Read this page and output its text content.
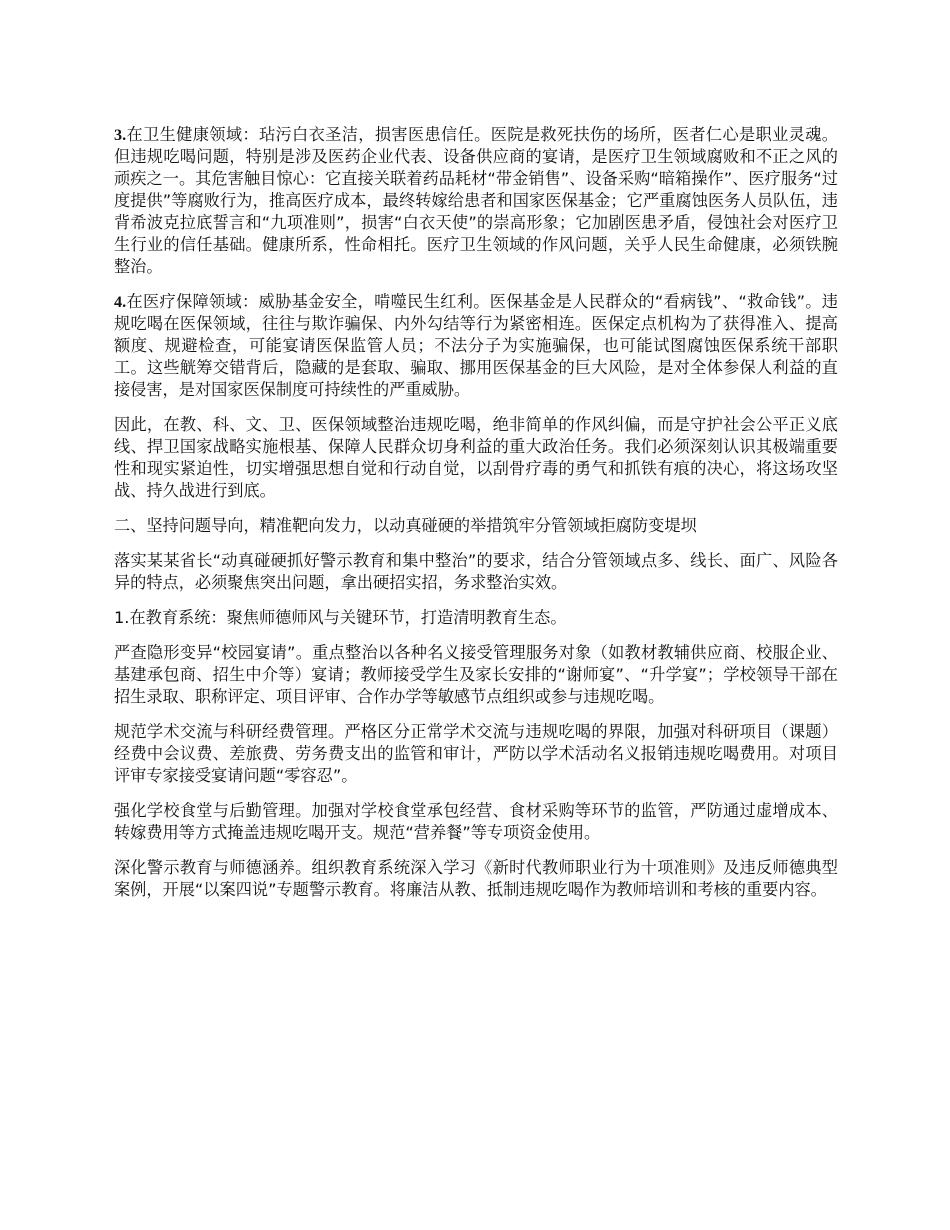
3.在卫生健康领域：玷污白衣圣洁，损害医患信任。医院是救死扶伤的场所，医者仁心是职业灵魂。但违规吃喝问题，特别是涉及医药企业代表、设备供应商的宴请，是医疗卫生领域腐败和不正之风的顽疾之一。其危害触目惊心：它直接关联着药品耗材“带金销售”、设备采购“暗箱操作”、医疗服务“过度提供”等腐败行为，推高医疗成本，最终转嫁给患者和国家医保基金；它严重腐蚀医务人员队伍，违背希波克拉底誓言和“九项准则”，损害“白衣天使”的崇高形象；它加剧医患矛盾，侵蚀社会对医疗卫生行业的信任基础。健康所系，性命相托。医疗卫生领域的作风问题，关乎人民生命健康，必须铁腕整治。

4.在医疗保障领域：威胁基金安全，啃噬民生红利。医保基金是人民群众的“看病钱”、“救命钱”。违规吃喝在医保领域，往往与欺诈骗保、内外勾结等行为紧密相连。医保定点机构为了获得准入、提高额度、规避检查，可能宴请医保监管人员；不法分子为实施骗保，也可能试图腐蚀医保系统干部职工。这些觥筹交错背后，隐藏的是套取、骗取、挪用医保基金的巨大风险，是对全体参保人利益的直接侵害，是对国家医保制度可持续性的严重威胁。

因此，在教、科、文、卫、医保领域整治违规吃喝，绝非简单的作风纠偏，而是守护社会公平正义底线、捍卫国家战略实施根基、保障人民群众切身利益的重大政治任务。我们必须深刻认识其极端重要性和现实紧迫性，切实增强思想自觉和行动自觉，以刮骨疗毒的勇气和抓铁有痕的决心，将这场攻坚战、持久战进行到底。

二、坚持问题导向，精准靶向发力，以动真碰硬的举措筑牢分管领域拒腐防变堤坝

落实某某省长“动真碰硬抓好警示教育和集中整治”的要求，结合分管领域点多、线长、面广、风险各异的特点，必须聚焦突出问题，拿出硬招实招，务求整治实效。

1.在教育系统：聚焦师德师风与关键环节，打造清明教育生态。

严查隐形变异“校园宴请”。重点整治以各种名义接受管理服务对象（如教材教辅供应商、校服企业、基建承包商、招生中介等）宴请；教师接受学生及家长安排的“谢师宴”、“升学宴”；学校领导干部在招生录取、职称评定、项目评审、合作办学等敏感节点组织或参与违规吃喝。

规范学术交流与科研经费管理。严格区分正常学术交流与违规吃喝的界限，加强对科研项目（课题）经费中会议费、差旅费、劳务费支出的监管和审计，严防以学术活动名义报销违规吃喝费用。对项目评审专家接受宴请问题“零容忍”。

强化学校食堂与后勤管理。加强对学校食堂承包经营、食材采购等环节的监管，严防通过虚增成本、转嫁费用等方式掩盖违规吃喝开支。规范“营养餐”等专项资金使用。

深化警示教育与师德涵养。组织教育系统深入学习《新时代教师职业行为十项准则》及违反师德典型案例，开展“以案四说”专题警示教育。将廉洁从教、抵制违规吃喝作为教师培训和考核的重要内容。
